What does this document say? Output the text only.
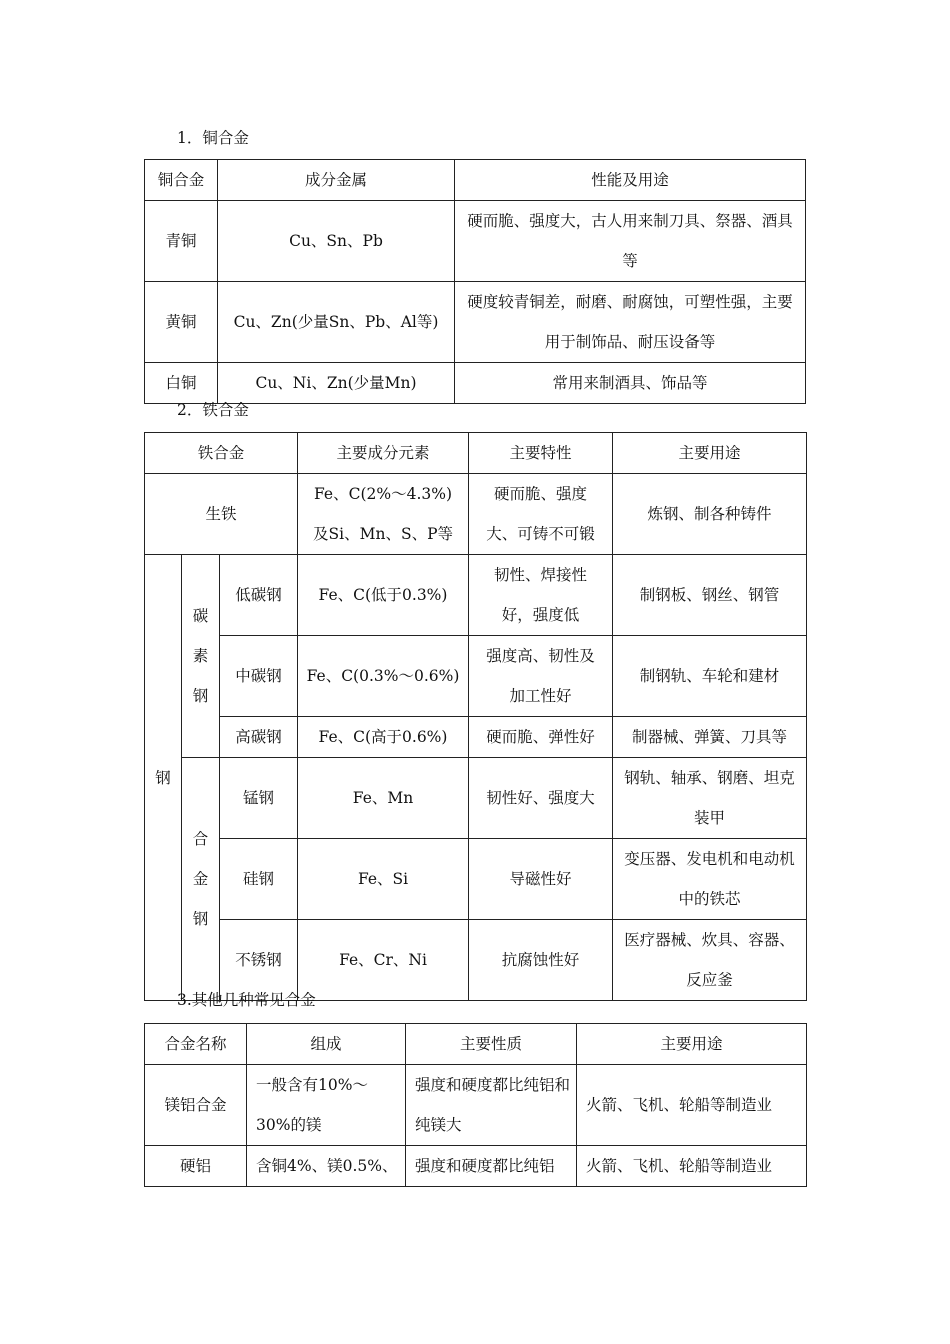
1．铜合金
铜合金	成分金属	性能及用途
青铜	Cu、Sn、Pb	硬而脆、强度大，古人用来制刀具、祭器、酒具等
黄铜	Cu、Zn(少量Sn、Pb、Al等)	硬度较青铜差，耐磨、耐腐蚀，可塑性强，主要用于制饰品、耐压设备等
白铜	Cu、Ni、Zn(少量Mn)	常用来制酒具、饰品等
2．铁合金
铁合金			主要成分元素	主要特性	主要用途
生铁			Fe、C(2%～4.3%)及Si、Mn、S、P等	硬而脆、强度大、可铸不可锻	炼钢、制各种铸件
钢	碳素钢	低碳钢	Fe、C(低于0.3%)	韧性、焊接性好，强度低	制钢板、钢丝、钢管
		中碳钢	Fe、C(0.3%～0.6%)	强度高、韧性及加工性好	制钢轨、车轮和建材
		高碳钢	Fe、C(高于0.6%)	硬而脆、弹性好	制器械、弹簧、刀具等
	合金钢	锰钢	Fe、Mn	韧性好、强度大	钢轨、轴承、钢磨、坦克装甲
		硅钢	Fe、Si	导磁性好	变压器、发电机和电动机中的铁芯
		不锈钢	Fe、Cr、Ni	抗腐蚀性好	医疗器械、炊具、容器、反应釜
3.其他几种常见合金
合金名称	组成	主要性质	主要用途
镁铝合金	一般含有10%～30%的镁	强度和硬度都比纯铝和纯镁大	火箭、飞机、轮船等制造业
硬铝	含铜4%、镁0.5%、	强度和硬度都比纯铝	火箭、飞机、轮船等制造业
